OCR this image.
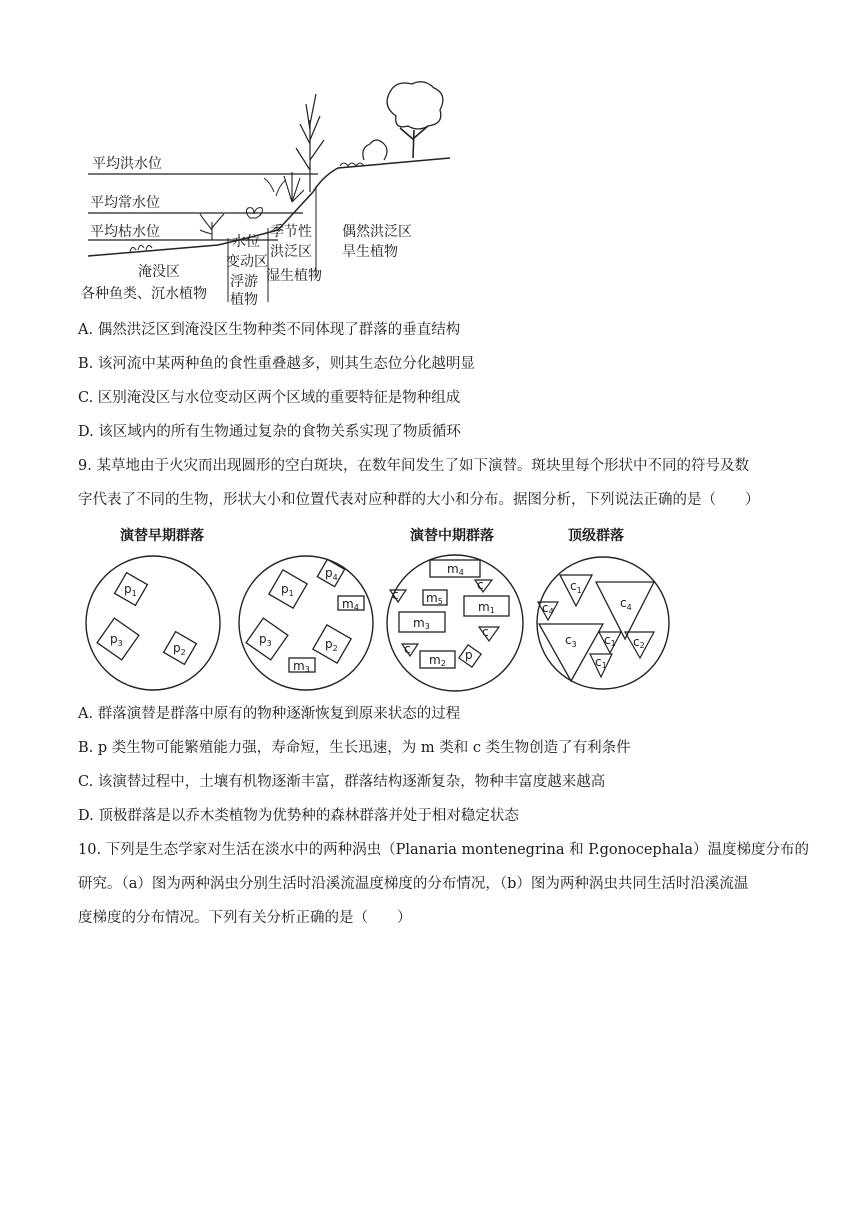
平均洪水位
平均常水位
平均枯水位
淹没区
各种鱼类、沉水植物
水位
变动区
浮游
植物
季节性
洪泛区
湿生植物
偶然洪泛区
旱生植物
A. 偶然洪泛区到淹没区生物种类不同体现了群落的垂直结构
B. 该河流中某两种鱼的食性重叠越多，则其生态位分化越明显
C. 区别淹没区与水位变动区两个区域的重要特征是物种组成
D. 该区域内的所有生物通过复杂的食物关系实现了物质循环
9. 某草地由于火灾而出现圆形的空白斑块，在数年间发生了如下演替。斑块里每个形状中不同的符号及数
字代表了不同的生物，形状大小和位置代表对应种群的大小和分布。据图分析，下列说法正确的是（　　）
演替早期群落	演替中期群落	顶级群落
$p_1$
$p_3$	$p_2$
$p_1$
$p_4$
m4
$p_3$	$p_2$
m3
m4
c
c m5	m1
m3	c
c
m2
p
$c_1$
$c_4$
c4
$c_3$ c1 c2
c1
A. 群落演替是群落中原有的物种逐渐恢复到原来状态的过程
B. p 类生物可能繁殖能力强，寿命短，生长迅速，为 m 类和 c 类生物创造了有利条件
C. 该演替过程中，土壤有机物逐渐丰富，群落结构逐渐复杂，物种丰富度越来越高
D. 顶极群落是以乔木类植物为优势种的森林群落并处于相对稳定状态
10. 下列是生态学家对生活在淡水中的两种涡虫（Planaria montenegrina 和 P.gonocephala）温度梯度分布的
研究。（a）图为两种涡虫分别生活时沿溪流温度梯度的分布情况，（b）图为两种涡虫共同生活时沿溪流温
度梯度的分布情况。下列有关分析正确的是（　　）
